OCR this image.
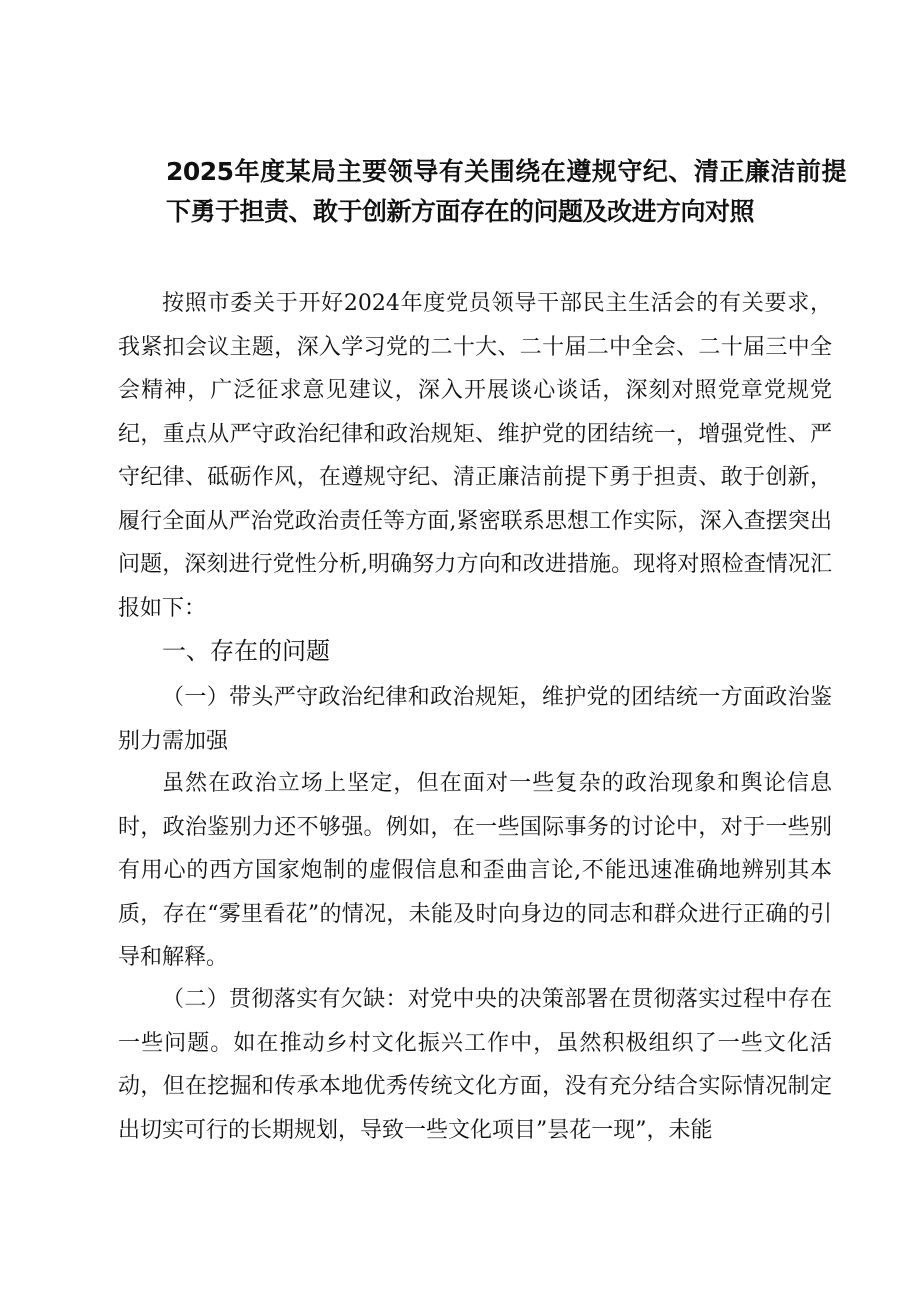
2025年度某局主要领导有关围绕在遵规守纪、清正廉洁前提下勇于担责、敢于创新方面存在的问题及改进方向对照
按照市委关于开好2024年度党员领导干部民主生活会的有关要求，我紧扣会议主题，深入学习党的二十大、二十届二中全会、二十届三中全会精神，广泛征求意见建议，深入开展谈心谈话，深刻对照党章党规党纪，重点从严守政治纪律和政治规矩、维护党的团结统一，增强党性、严守纪律、砥砺作风，在遵规守纪、清正廉洁前提下勇于担责、敢于创新，履行全面从严治党政治责任等方面,紧密联系思想工作实际，深入查摆突出问题，深刻进行党性分析,明确努力方向和改进措施。现将对照检查情况汇报如下：
一、存在的问题
（一）带头严守政治纪律和政治规矩，维护党的团结统一方面政治鉴别力需加强
虽然在政治立场上坚定，但在面对一些复杂的政治现象和舆论信息时，政治鉴别力还不够强。例如，在一些国际事务的讨论中，对于一些别有用心的西方国家炮制的虚假信息和歪曲言论,不能迅速准确地辨别其本质，存在“雾里看花”的情况，未能及时向身边的同志和群众进行正确的引导和解释。
（二）贯彻落实有欠缺：对党中央的决策部署在贯彻落实过程中存在一些问题。如在推动乡村文化振兴工作中，虽然积极组织了一些文化活动，但在挖掘和传承本地优秀传统文化方面，没有充分结合实际情况制定出切实可行的长期规划，导致一些文化项目”昙花一现”，未能
